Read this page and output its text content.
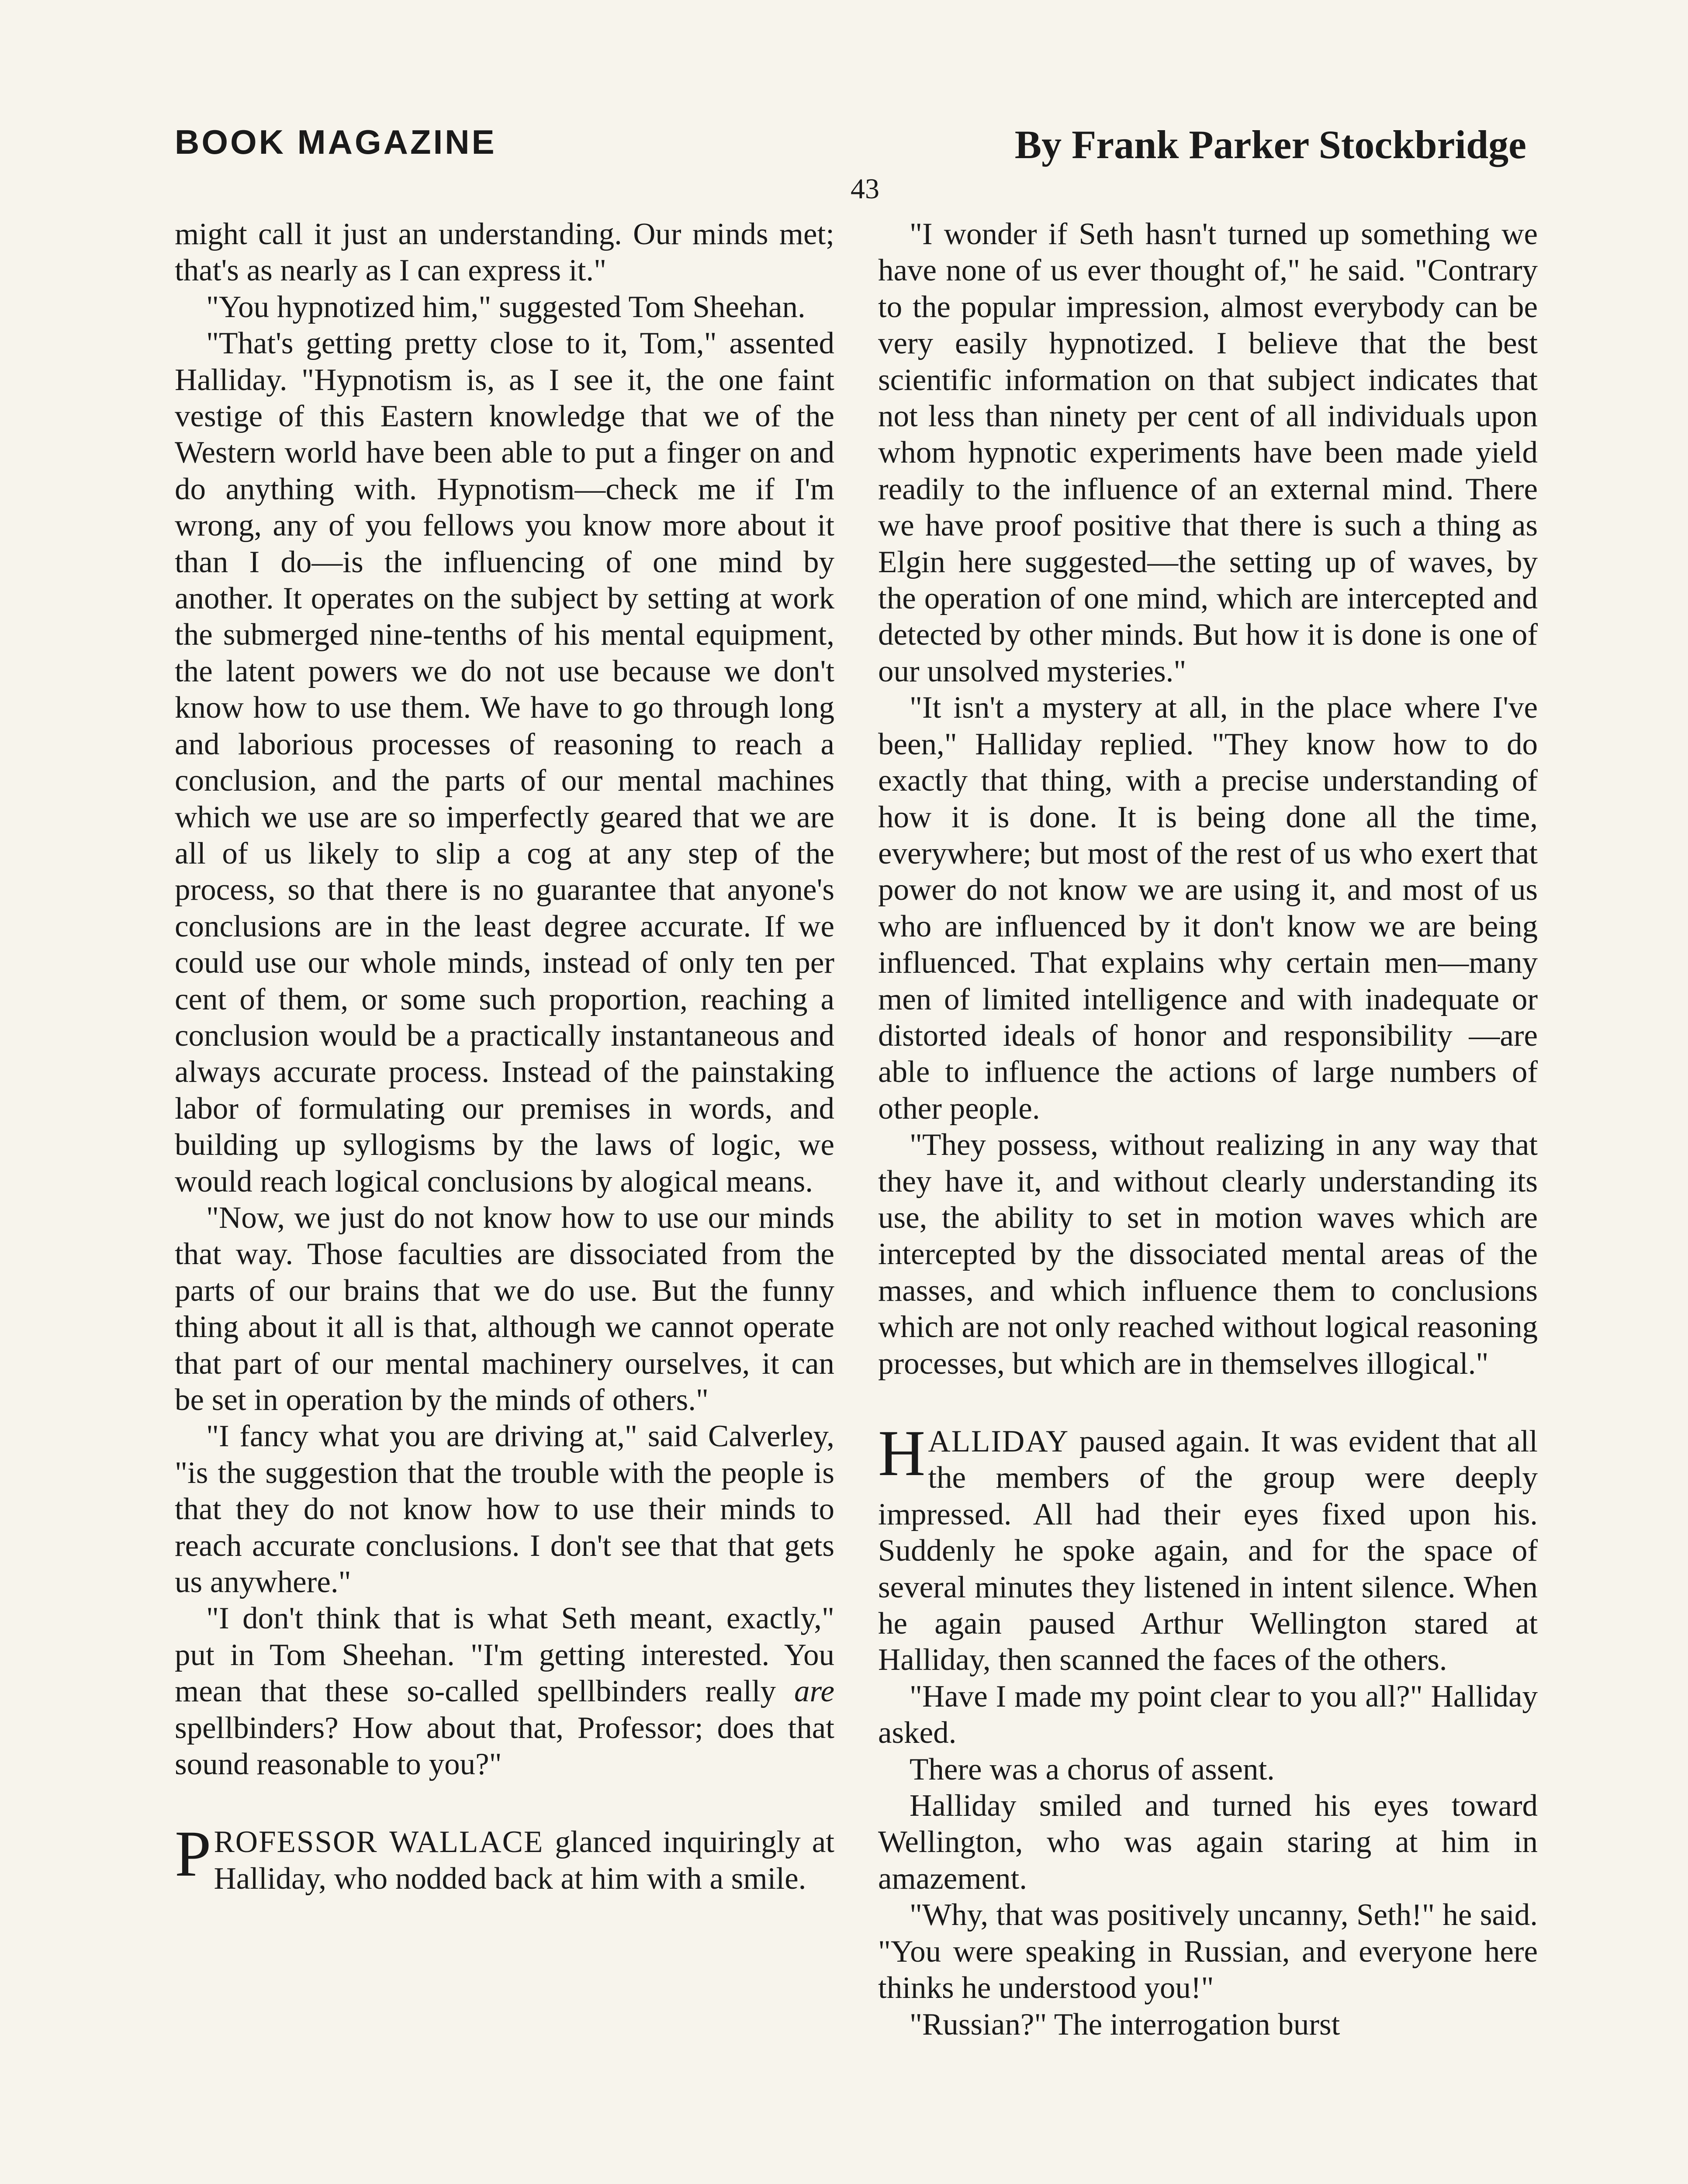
BOOK MAGAZINE	By Frank Parker Stockbridge
43

might call it just an understanding. Our minds met; that's as nearly as I can express it."

"You hypnotized him," suggested Tom Sheehan.

"That's getting pretty close to it, Tom," assented Halliday. "Hypnotism is, as I see it, the one faint vestige of this Eastern knowledge that we of the Western world have been able to put a finger on and do anything with. Hypnotism—check me if I'm wrong, any of you fellows you know more about it than I do—is the influencing of one mind by another. It operates on the subject by setting at work the submerged nine-tenths of his mental equipment, the latent powers we do not use because we don't know how to use them. We have to go through long and laborious processes of reasoning to reach a conclusion, and the parts of our mental machines which we use are so imperfectly geared that we are all of us likely to slip a cog at any step of the process, so that there is no guarantee that anyone's conclusions are in the least degree accurate. If we could use our whole minds, instead of only ten per cent of them, or some such proportion, reaching a conclusion would be a practically instantaneous and always accurate process. Instead of the painstaking labor of formulating our premises in words, and building up syllogisms by the laws of logic, we would reach logical conclusions by alogical means.

"Now, we just do not know how to use our minds that way. Those faculties are dissociated from the parts of our brains that we do use. But the funny thing about it all is that, although we cannot operate that part of our mental machinery ourselves, it can be set in operation by the minds of others."

"I fancy what you are driving at," said Calverley, "is the suggestion that the trouble with the people is that they do not know how to use their minds to reach accurate conclusions. I don't see that that gets us anywhere."

"I don't think that is what Seth meant, exactly," put in Tom Sheehan. "I'm getting interested. You mean that these so-called spellbinders really are spellbinders? How about that, Professor; does that sound reasonable to you?"

PROFESSOR WALLACE glanced inquiringly at Halliday, who nodded back at him with a smile.

"I wonder if Seth hasn't turned up something we have none of us ever thought of," he said. "Contrary to the popular impression, almost everybody can be very easily hypnotized. I believe that the best scientific information on that subject indicates that not less than ninety per cent of all individuals upon whom hypnotic experiments have been made yield readily to the influence of an external mind. There we have proof positive that there is such a thing as Elgin here suggested—the setting up of waves, by the operation of one mind, which are intercepted and detected by other minds. But how it is done is one of our unsolved mysteries."

"It isn't a mystery at all, in the place where I've been," Halliday replied. "They know how to do exactly that thing, with a precise understanding of how it is done. It is being done all the time, everywhere; but most of the rest of us who exert that power do not know we are using it, and most of us who are influenced by it don't know we are being influenced. That explains why certain men—many men of limited intelligence and with inadequate or distorted ideals of honor and responsibility —are able to influence the actions of large numbers of other people.

"They possess, without realizing in any way that they have it, and without clearly understanding its use, the ability to set in motion waves which are intercepted by the dissociated mental areas of the masses, and which influence them to conclusions which are not only reached without logical reasoning processes, but which are in themselves illogical."

HALLIDAY paused again. It was evident that all the members of the group were deeply impressed. All had their eyes fixed upon his. Suddenly he spoke again, and for the space of several minutes they listened in intent silence. When he again paused Arthur Wellington stared at Halliday, then scanned the faces of the others.

"Have I made my point clear to you all?" Halliday asked.

There was a chorus of assent.

Halliday smiled and turned his eyes toward Wellington, who was again staring at him in amazement.

"Why, that was positively uncanny, Seth!" he said. "You were speaking in Russian, and everyone here thinks he understood you!"

"Russian?" The interrogation burst
